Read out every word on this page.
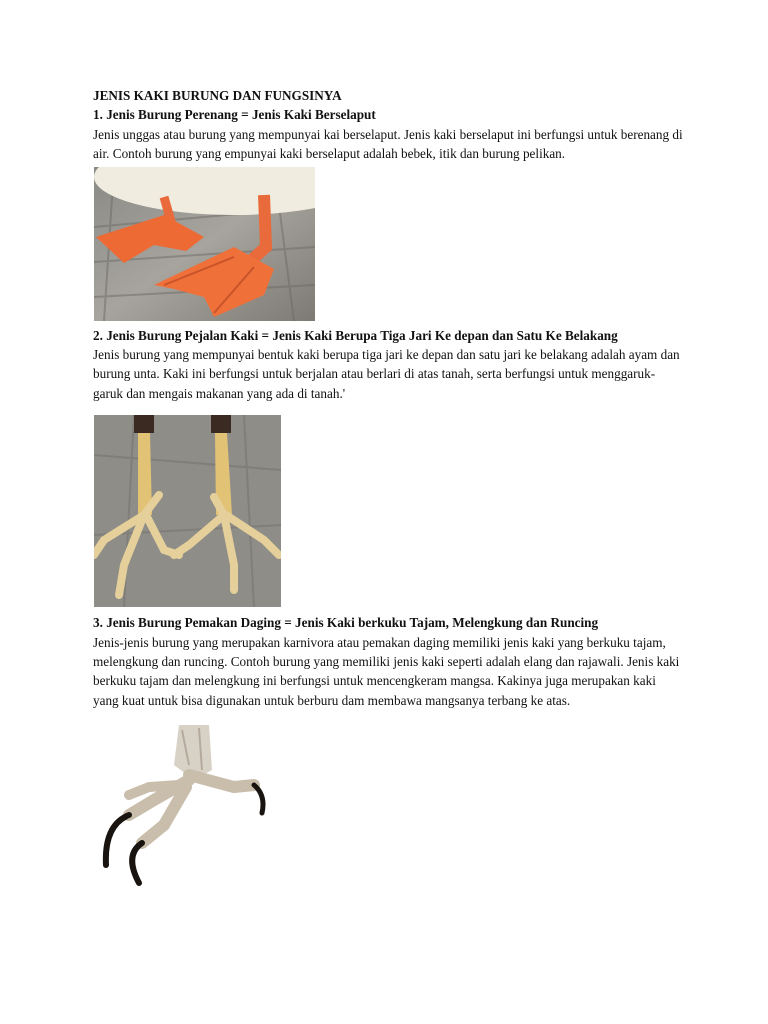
JENIS KAKI BURUNG DAN FUNGSINYA

1. Jenis Burung Perenang = Jenis Kaki Berselaput

Jenis unggas atau burung yang mempunyai kai berselaput. Jenis kaki berselaput ini berfungsi untuk berenang di air. Contoh burung yang empunyai kaki berselaput adalah bebek, itik dan burung pelikan.

2. Jenis Burung Pejalan Kaki = Jenis Kaki Berupa Tiga Jari Ke depan dan Satu Ke Belakang

Jenis burung yang mempunyai bentuk kaki berupa tiga jari ke depan dan satu jari ke belakang adalah ayam dan burung unta. Kaki ini berfungsi untuk berjalan atau berlari di atas tanah, serta berfungsi untuk menggaruk-garuk dan mengais makanan yang ada di tanah.'

3. Jenis Burung Pemakan Daging = Jenis Kaki berkuku Tajam, Melengkung dan Runcing

Jenis-jenis burung yang merupakan karnivora atau pemakan daging memiliki jenis kaki yang berkuku tajam, melengkung dan runcing. Contoh burung yang memiliki jenis kaki seperti adalah elang dan rajawali. Jenis kaki berkuku tajam dan melengkung ini berfungsi untuk mencengkeram mangsa. Kakinya juga merupakan kaki yang kuat untuk bisa digunakan untuk berburu dam membawa mangsanya terbang ke atas.
